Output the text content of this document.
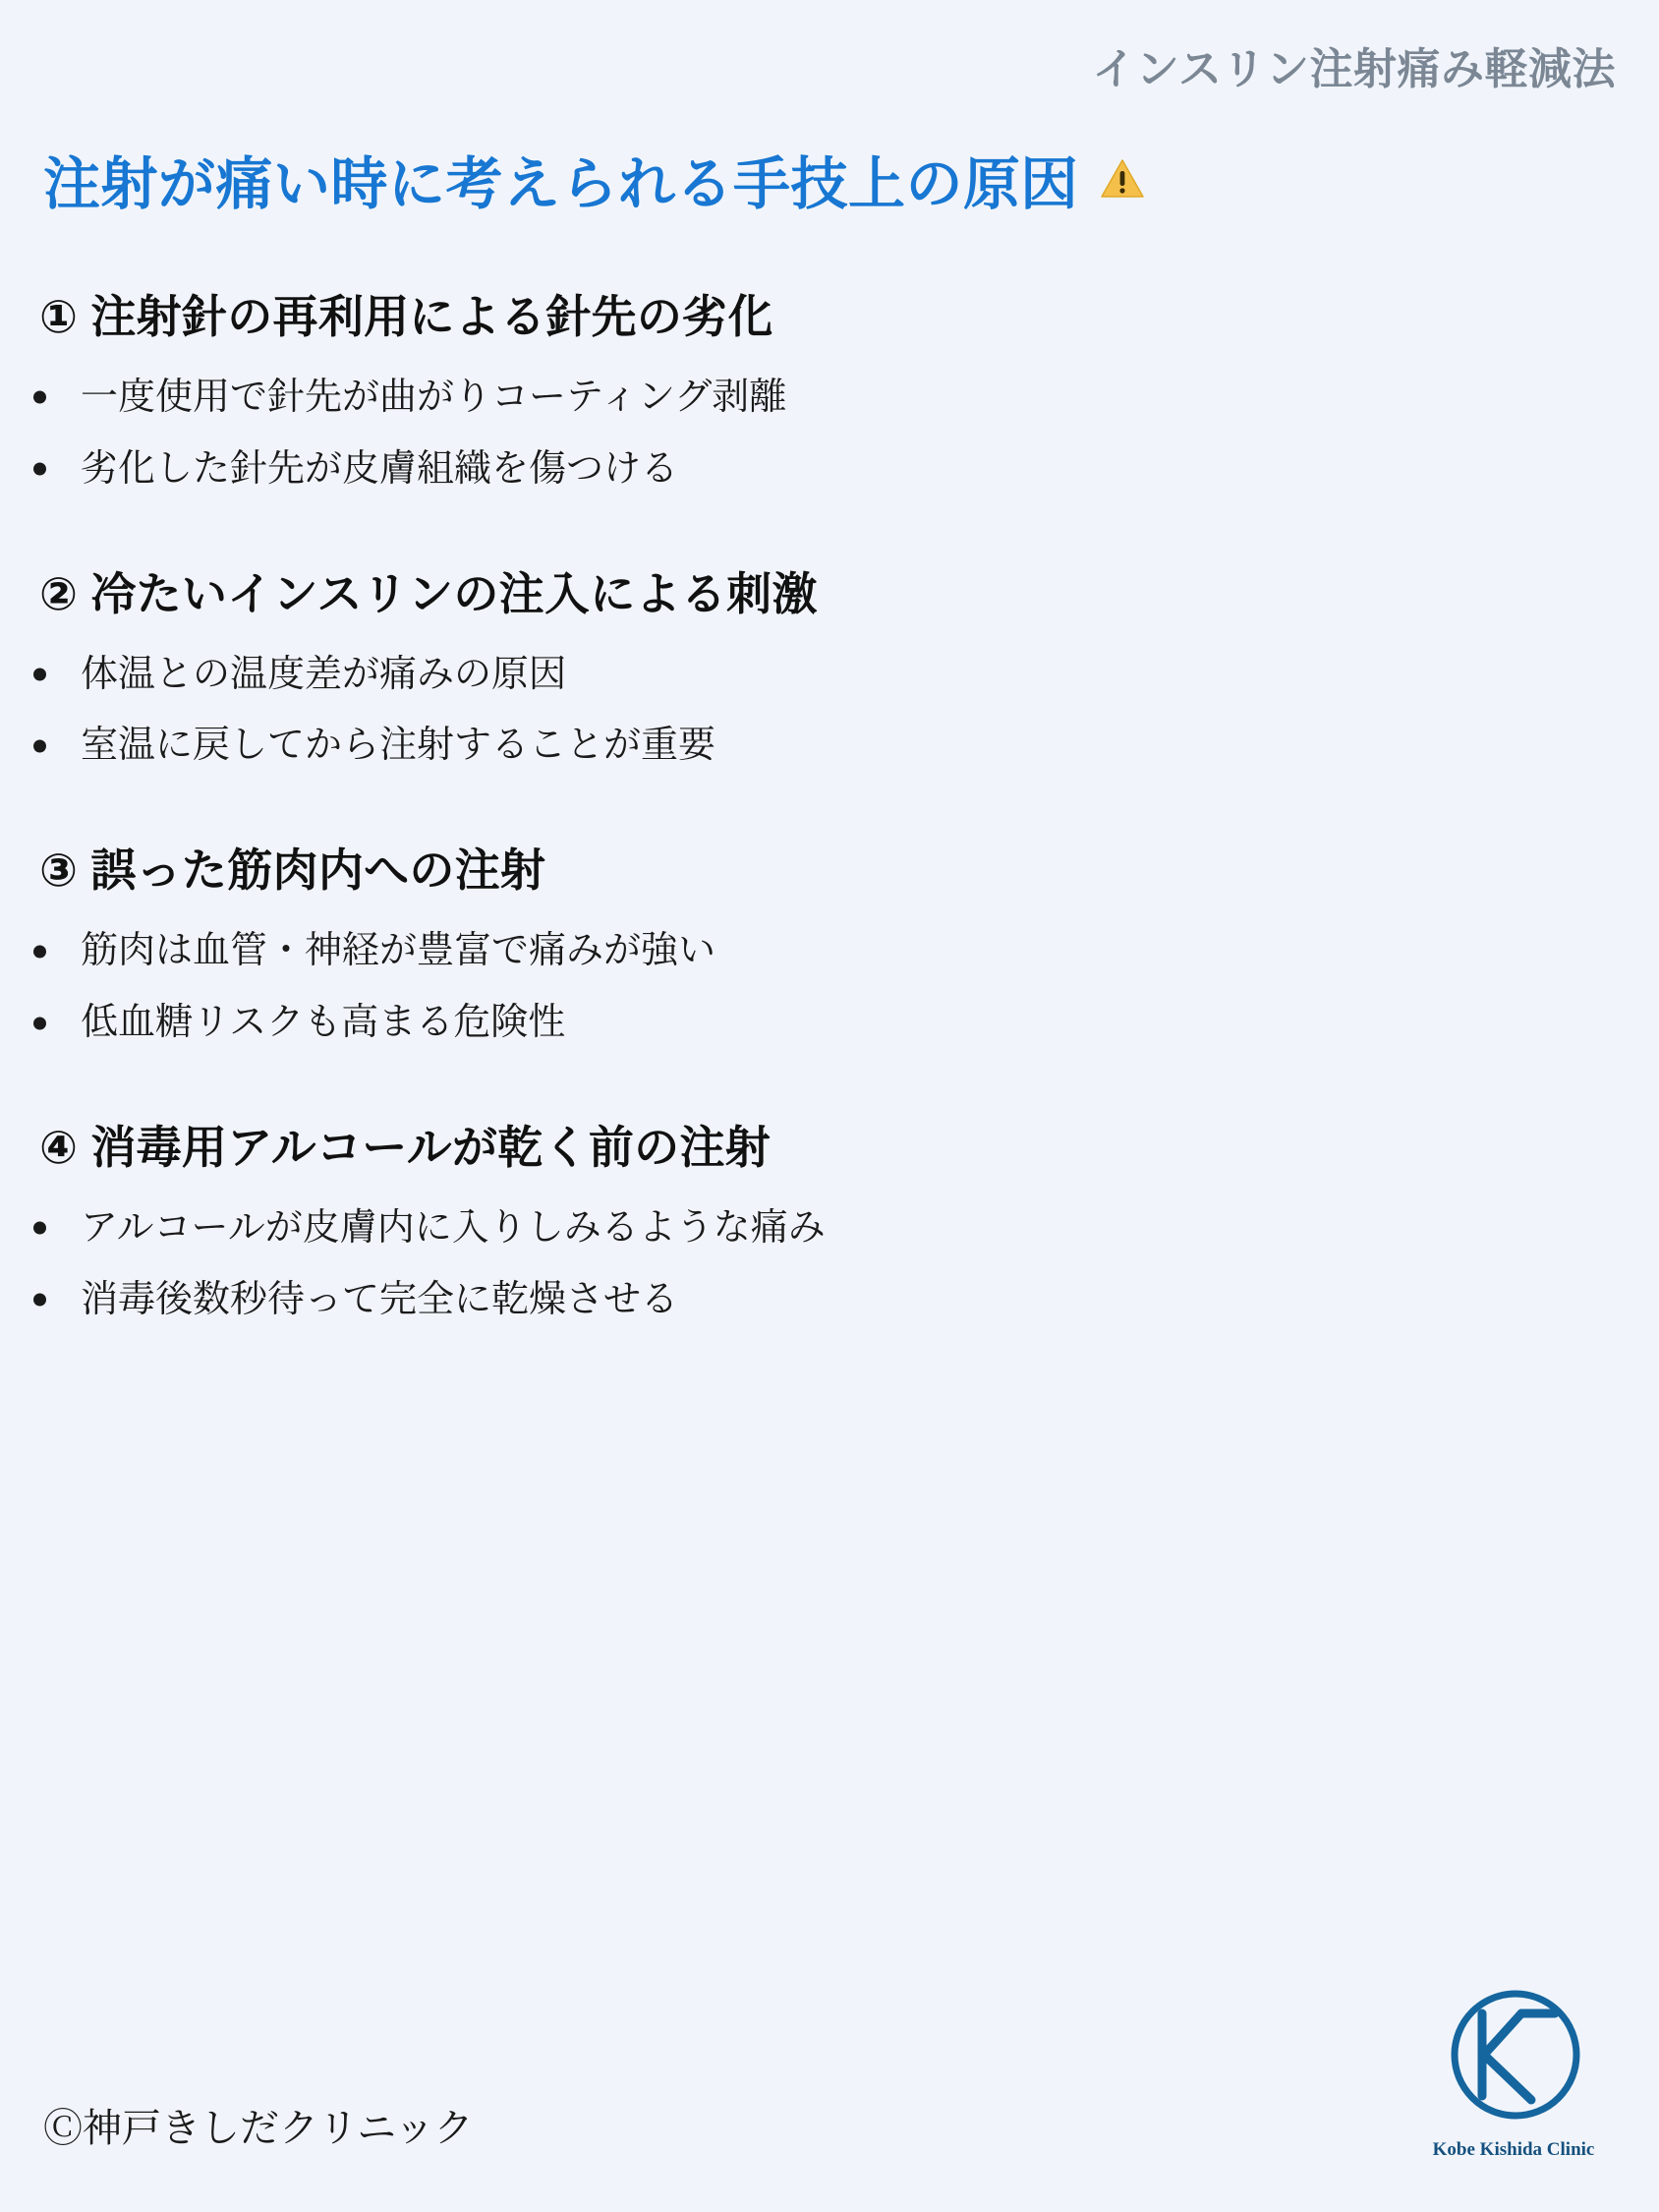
インスリン注射痛み軽減法
注射が痛い時に考えられる手技上の原因
① 注射針の再利用による針先の劣化
一度使用で針先が曲がりコーティング剥離
劣化した針先が皮膚組織を傷つける
② 冷たいインスリンの注入による刺激
体温との温度差が痛みの原因
室温に戻してから注射することが重要
③ 誤った筋肉内への注射
筋肉は血管・神経が豊富で痛みが強い
低血糖リスクも高まる危険性
④ 消毒用アルコールが乾く前の注射
アルコールが皮膚内に入りしみるような痛み
消毒後数秒待って完全に乾燥させる
Ⓒ神戸きしだクリニック	Kobe Kishida Clinic
